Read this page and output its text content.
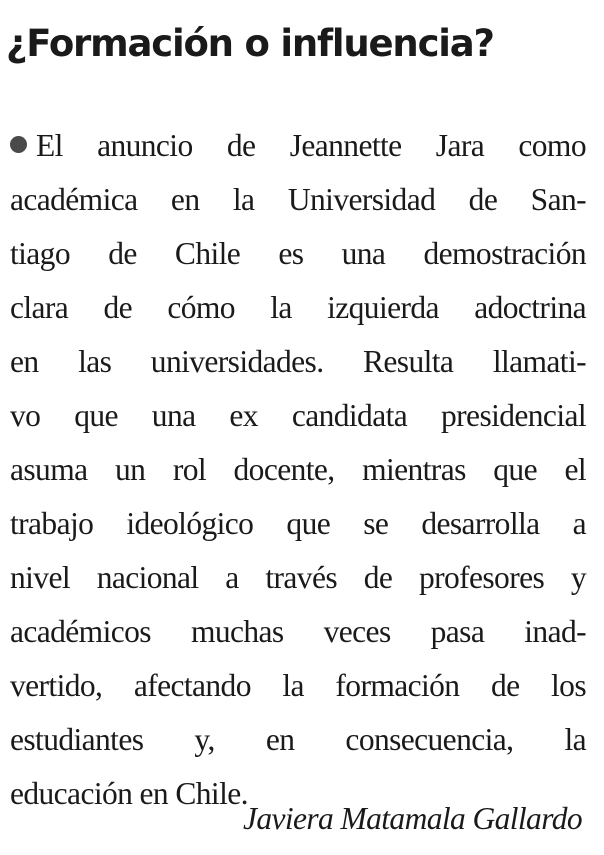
¿Formación o influencia?
El anuncio de Jeannette Jara como
académica en la Universidad de San-
tiago de Chile es una demostración
clara de cómo la izquierda adoctrina
en las universidades. Resulta llamati-
vo que una ex candidata presidencial
asuma un rol docente, mientras que el
trabajo ideológico que se desarrolla a
nivel nacional a través de profesores y
académicos muchas veces pasa inad-
vertido, afectando la formación de los
estudiantes y, en consecuencia, la
educación en Chile.

Javiera Matamala Gallardo
